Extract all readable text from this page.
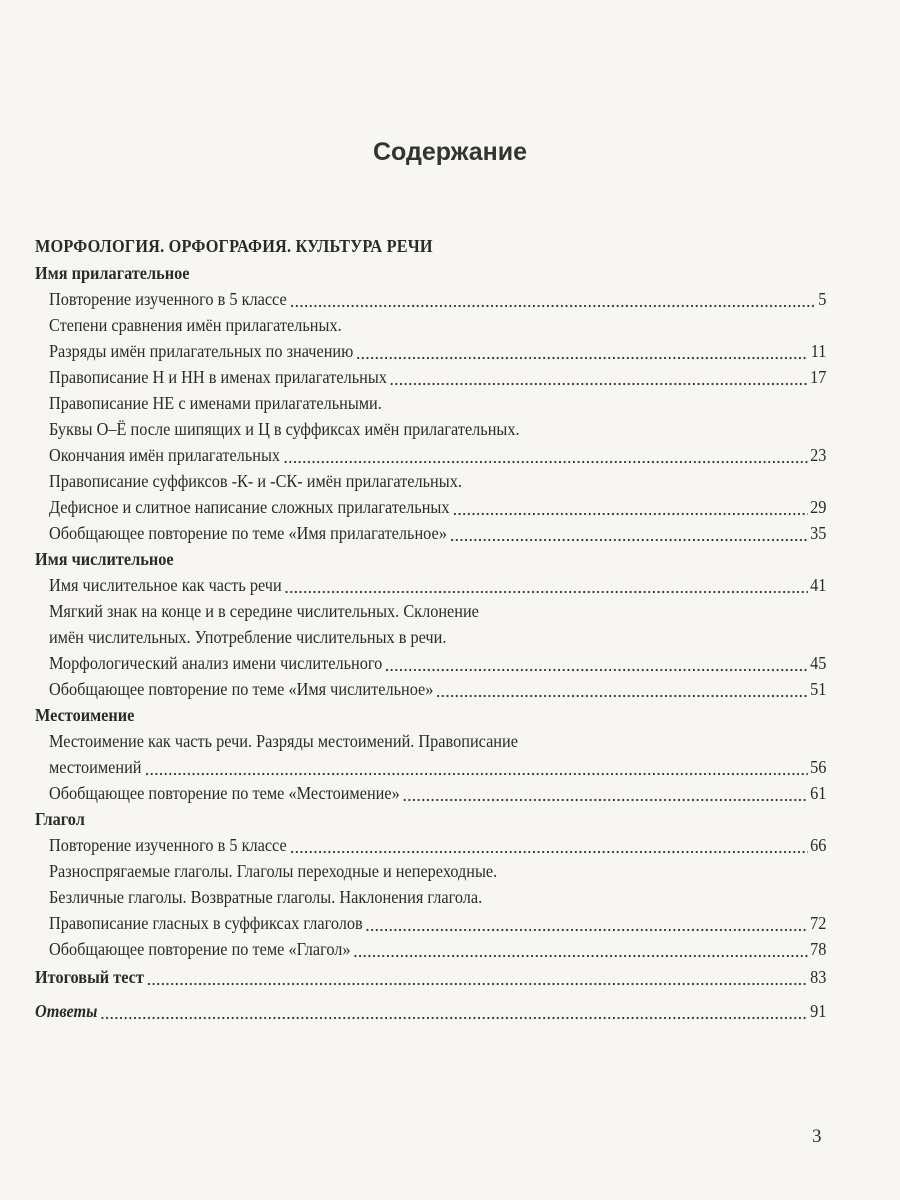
Содержание
МОРФОЛОГИЯ. ОРФОГРАФИЯ. КУЛЬТУРА РЕЧИ
Имя прилагательное
Повторение изученного в 5 классе	5
Степени сравнения имён прилагательных.
Разряды имён прилагательных по значению	11
Правописание Н и НН в именах прилагательных	17
Правописание НЕ с именами прилагательными.
Буквы О–Ё после шипящих и Ц в суффиксах имён прилагательных.
Окончания имён прилагательных	23
Правописание суффиксов -К- и -СК- имён прилагательных.
Дефисное и слитное написание сложных прилагательных	29
Обобщающее повторение по теме «Имя прилагательное»	35
Имя числительное
Имя числительное как часть речи	41
Мягкий знак на конце и в середине числительных. Склонение
имён числительных. Употребление числительных в речи.
Морфологический анализ имени числительного	45
Обобщающее повторение по теме «Имя числительное»	51
Местоимение
Местоимение как часть речи. Разряды местоимений. Правописание
местоимений	56
Обобщающее повторение по теме «Местоимение»	61
Глагол
Повторение изученного в 5 классе	66
Разноспрягаемые глаголы. Глаголы переходные и непереходные.
Безличные глаголы. Возвратные глаголы. Наклонения глагола.
Правописание гласных в суффиксах глаголов	72
Обобщающее повторение по теме «Глагол»	78
Итоговый тест	83
Ответы	91
3
